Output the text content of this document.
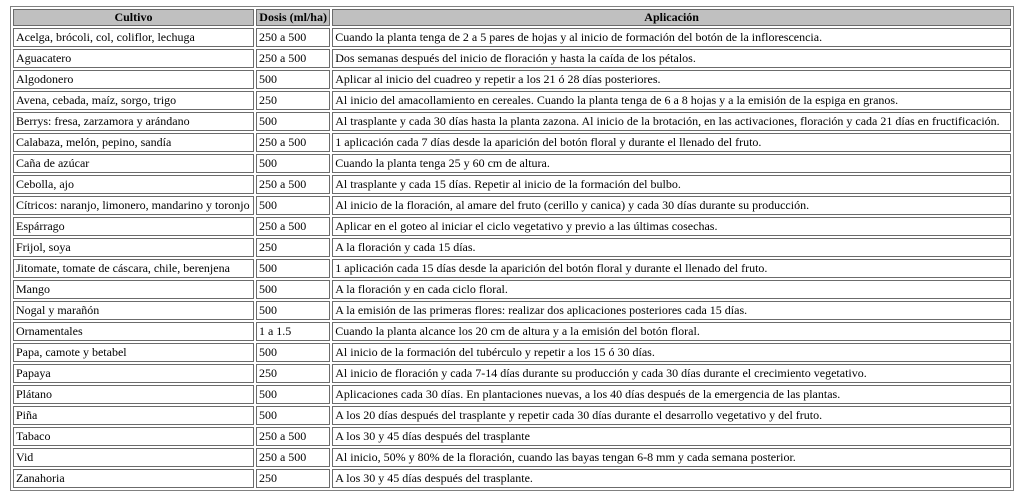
Cultivo	Dosis (ml/ha)	Aplicación
Acelga, brócoli, col, coliflor, lechuga	250 a 500	Cuando la planta tenga de 2 a 5 pares de hojas y al inicio de formación del botón de la inflorescencia.
Aguacatero	250 a 500	Dos semanas después del inicio de floración y hasta la caída de los pétalos.
Algodonero	500	Aplicar al inicio del cuadreo y repetir a los 21 ó 28 días posteriores.
Avena, cebada, maíz, sorgo, trigo	250	Al inicio del amacollamiento en cereales. Cuando la planta tenga de 6 a 8 hojas y a la emisión de la espiga en granos.
Berrys: fresa, zarzamora y arándano	500	Al trasplante y cada 30 días hasta la planta zazona. Al inicio de la brotación, en las activaciones, floración y cada 21 días en fructificación.
Calabaza, melón, pepino, sandía	250 a 500	1 aplicación cada 7 días desde la aparición del botón floral y durante el llenado del fruto.
Caña de azúcar	500	Cuando la planta tenga 25 y 60 cm de altura.
Cebolla, ajo	250 a 500	Al trasplante y cada 15 días. Repetir al inicio de la formación del bulbo.
Cítricos: naranjo, limonero, mandarino y toronjo	500	Al inicio de la floración, al amare del fruto (cerillo y canica) y cada 30 días durante su producción.
Espárrago	250 a 500	Aplicar en el goteo al iniciar el ciclo vegetativo y previo a las últimas cosechas.
Frijol, soya	250	A la floración y cada 15 días.
Jitomate, tomate de cáscara, chile, berenjena	500	1 aplicación cada 15 días desde la aparición del botón floral y durante el llenado del fruto.
Mango	500	A la floración y en cada ciclo floral.
Nogal y marañón	500	A la emisión de las primeras flores: realizar dos aplicaciones posteriores cada 15 días.
Ornamentales	1 a 1.5	Cuando la planta alcance los 20 cm de altura y a la emisión del botón floral.
Papa, camote y betabel	500	Al inicio de la formación del tubérculo y repetir a los 15 ó 30 días.
Papaya	250	Al inicio de floración y cada 7-14 días durante su producción y cada 30 días durante el crecimiento vegetativo.
Plátano	500	Aplicaciones cada 30 días. En plantaciones nuevas, a los 40 días después de la emergencia de las plantas.
Piña	500	A los 20 días después del trasplante y repetir cada 30 días durante el desarrollo vegetativo y del fruto.
Tabaco	250 a 500	A los 30 y 45 días después del trasplante
Vid	250 a 500	Al inicio, 50% y 80% de la floración, cuando las bayas tengan 6-8 mm y cada semana posterior.
Zanahoria	250	A los 30 y 45 días después del trasplante.
